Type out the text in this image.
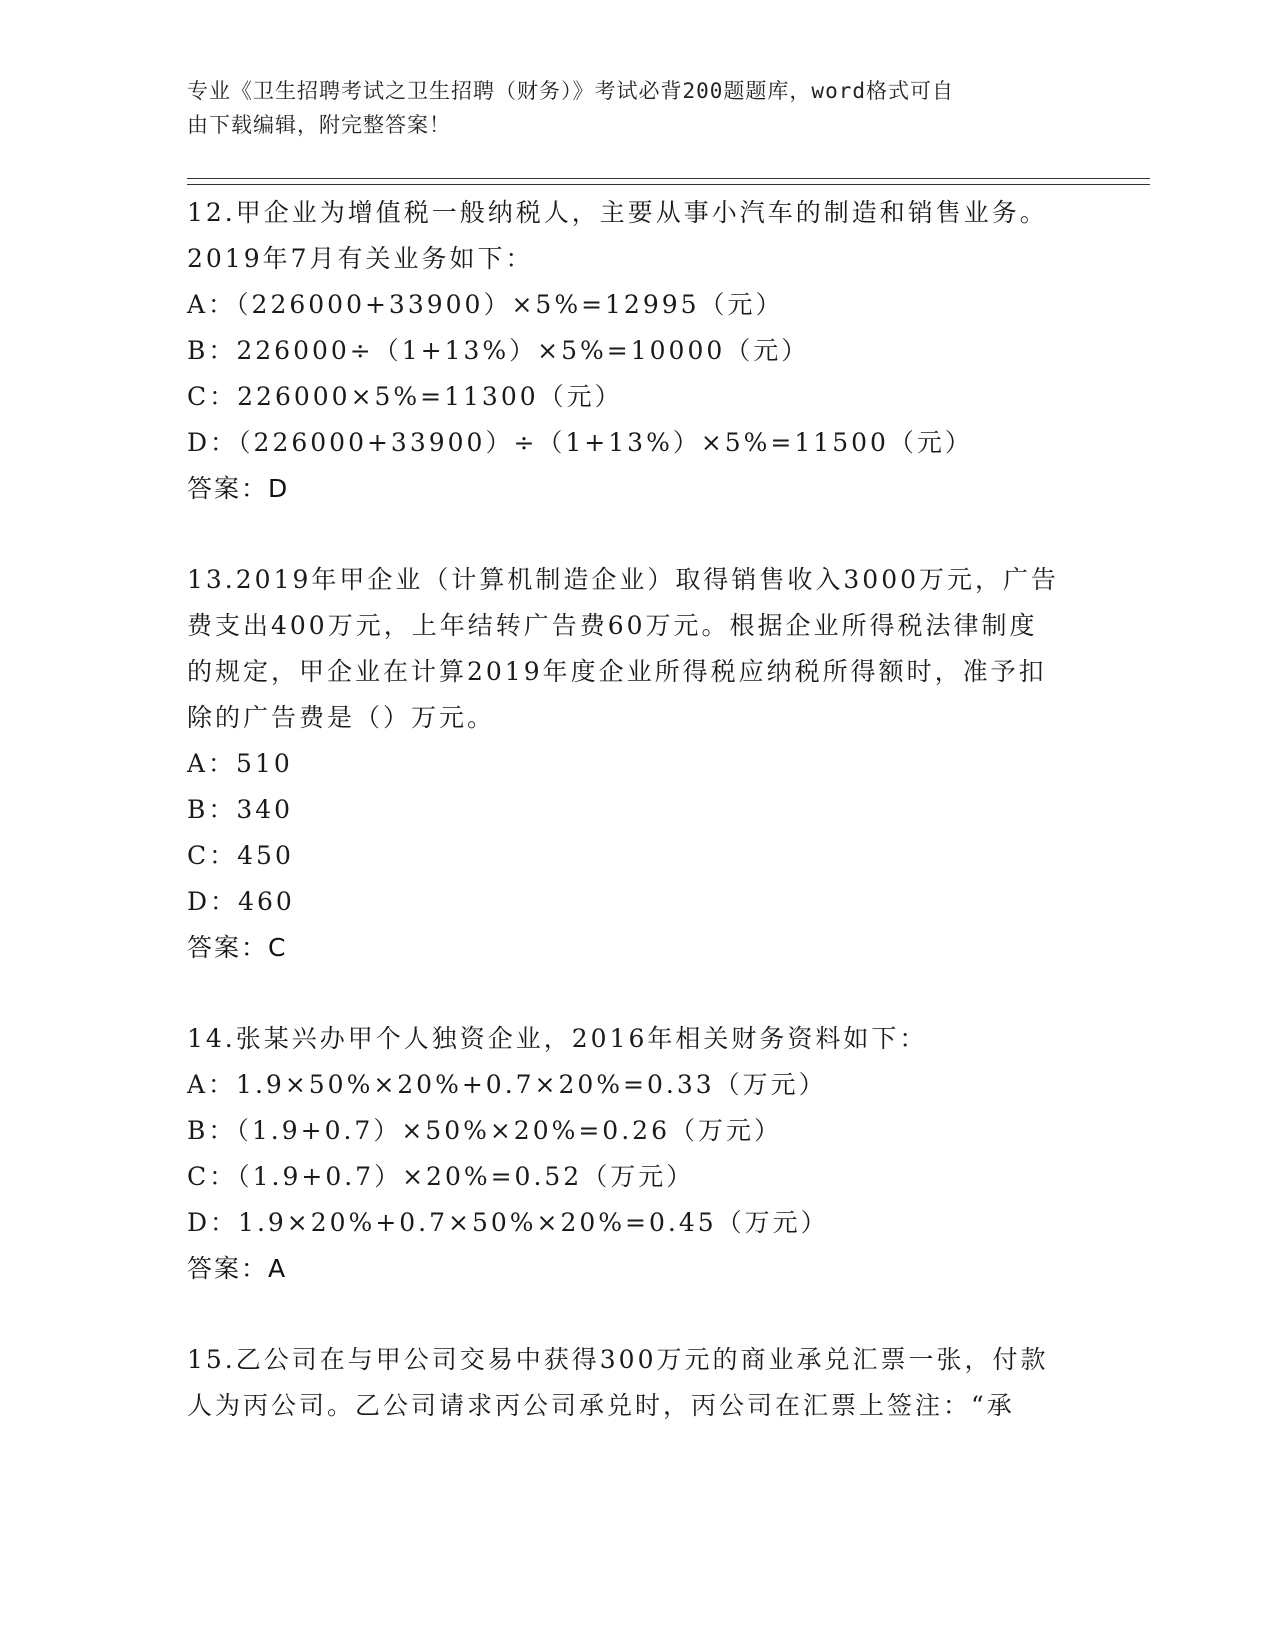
专业《卫生招聘考试之卫生招聘（财务）》考试必背200题题库，word格式可自
由下载编辑，附完整答案！
12.甲企业为增值税一般纳税人，主要从事小汽车的制造和销售业务。
2019年7月有关业务如下：
A：（226000+33900）×5%=12995（元）
B：226000÷（1+13%）×5%=10000（元）
C：226000×5%=11300（元）
D：（226000+33900）÷（1+13%）×5%=11500（元）
答案：D
13.2019年甲企业（计算机制造企业）取得销售收入3000万元，广告
费支出400万元，上年结转广告费60万元。根据企业所得税法律制度
的规定，甲企业在计算2019年度企业所得税应纳税所得额时，准予扣
除的广告费是（）万元。
A：510
B：340
C：450
D：460
答案：C
14.张某兴办甲个人独资企业，2016年相关财务资料如下：
A：1.9×50%×20%+0.7×20%=0.33（万元）
B：（1.9+0.7）×50%×20%=0.26（万元）
C：（1.9+0.7）×20%=0.52（万元）
D：1.9×20%+0.7×50%×20%=0.45（万元）
答案：A
15.乙公司在与甲公司交易中获得300万元的商业承兑汇票一张，付款
人为丙公司。乙公司请求丙公司承兑时，丙公司在汇票上签注：“承
